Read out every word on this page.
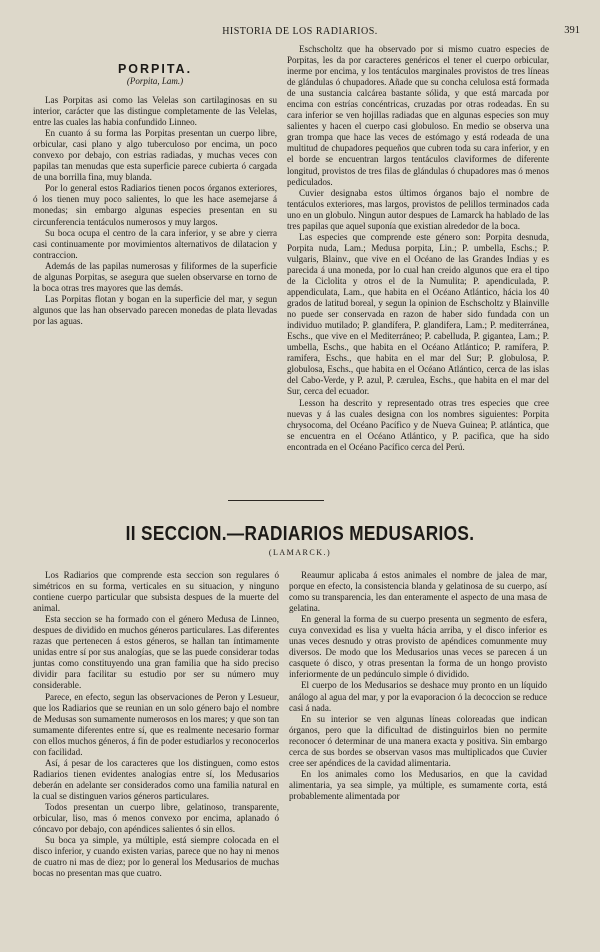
HISTORIA DE LOS RADIARIOS.	391
PORPITA.
(Porpita, Lam.)

Las Porpitas asi como las Velelas son cartilaginosas en su interior, carácter que las distingue completamente de las Velelas, entre las cuales las habia confundido Linneo.

En cuanto á su forma las Porpitas presentan un cuerpo libre, orbicular, casi plano y algo tuberculoso por encima, un poco convexo por debajo, con estrias radiadas, y muchas veces con papilas tan menudas que esta superficie parece cubierta ó cargada de una borrilla fina, muy blanda.

Por lo general estos Radiarios tienen pocos órganos exteriores, ó los tienen muy poco salientes, lo que les hace asemejarse á monedas; sin embargo algunas especies presentan en su circunferencia tentáculos numerosos y muy largos.

Su boca ocupa el centro de la cara inferior, y se abre y cierra casi continuamente por movimientos alternativos de dilatacion y contraccion.

Además de las papilas numerosas y filiformes de la superficie de algunas Porpitas, se asegura que suelen observarse en torno de la boca otras tres mayores que las demás.

Las Porpitas flotan y bogan en la superficie del mar, y segun algunos que las han observado parecen monedas de plata llevadas por las aguas.

Eschscholtz que ha observado por si mismo cuatro especies de Porpitas, les da por caracteres genéricos el tener el cuerpo orbicular, inerme por encima, y los tentáculos marginales provistos de tres líneas de glándulas ó chupadores. Añade que su concha celulosa está formada de una sustancia calcárea bastante sólida, y que está marcada por encima con estrías concéntricas, cruzadas por otras rodeadas. En su cara inferior se ven hojillas radiadas que en algunas especies son muy salientes y hacen el cuerpo casi globuloso. En medio se observa una gran trompa que hace las veces de estómago y está rodeada de una multitud de chupadores pequeños que cubren toda su cara inferior, y en el borde se encuentran largos tentáculos claviformes de diferente longitud, provistos de tres filas de glándulas ó chupadores mas ó menos pediculados.

Cuvier designaba estos últimos órganos bajo el nombre de tentáculos exteriores, mas largos, provistos de pelillos terminados cada uno en un globulo. Ningun autor despues de Lamarck ha hablado de las tres papilas que aquel suponía que existian alrededor de la boca.

Las especies que comprende este género son: Porpita desnuda, Porpita nuda, Lam.; Medusa porpita, Lin.; P. umbella, Eschs.; P. vulgaris, Blainv., que vive en el Océano de las Grandes Indias y es parecida á una moneda, por lo cual han creido algunos que era el tipo de la Ciclolita y otros el de la Numulita; P. apendiculada, P. appendiculata, Lam., que habita en el Océano Atlántico, hácia los 40 grados de latitud boreal, y segun la opinion de Eschscholtz y Blainville no puede ser conservada en razon de haber sido fundada con un individuo mutilado; P. glandífera, P. glandifera, Lam.; P. mediterránea, Eschs., que vive en el Mediterráneo; P. cabelluda, P. gigantea, Lam.; P. umbella, Eschs., que habita en el Océano Atlántico; P. ramífera, P. ramifera, Eschs., que habita en el mar del Sur; P. globulosa, P. globulosa, Eschs., que habita en el Océano Atlántico, cerca de las islas del Cabo-Verde, y P. azul, P. cærulea, Eschs., que habita en el mar del Sur, cerca del ecuador.

Lesson ha descrito y representado otras tres especies que cree nuevas y á las cuales designa con los nombres siguientes: Porpita chrysocoma, del Océano Pacífico y de Nueva Guinea; P. atlántica, que se encuentra en el Océano Atlántico, y P. pacifica, que ha sido encontrada en el Océano Pacífico cerca del Perú.

II SECCION.—RADIARIOS MEDUSARIOS.
(LAMARCK.)

Los Radiarios que comprende esta seccion son regulares ó simétricos en su forma, verticales en su situacion, y ninguno contiene cuerpo particular que subsista despues de la muerte del animal.

Esta seccion se ha formado con el género Medusa de Linneo, despues de dividido en muchos géneros particulares. Las diferentes razas que pertenecen á estos géneros, se hallan tan íntimamente unidas entre sí por sus analogías, que se las puede considerar todas juntas como constituyendo una gran familia que ha sido preciso dividir para facilitar su estudio por ser su número muy considerable.

Parece, en efecto, segun las observaciones de Peron y Lesueur, que los Radiarios que se reunian en un solo género bajo el nombre de Medusas son sumamente numerosos en los mares; y que son tan sumamente diferentes entre sí, que es realmente necesario formar con ellos muchos géneros, á fin de poder estudiarlos y reconocerlos con facilidad.

Así, á pesar de los caracteres que los distinguen, como estos Radiarios tienen evidentes analogías entre sí, los Medusarios deberán en adelante ser considerados como una familia natural en la cual se distinguen varios géneros particulares.

Todos presentan un cuerpo libre, gelatinoso, transparente, orbicular, liso, mas ó menos convexo por encima, aplanado ó cóncavo por debajo, con apéndices salientes ó sin ellos.

Su boca ya simple, ya múltiple, está siempre colocada en el disco inferior, y cuando existen varias, parece que no hay ni menos de cuatro ni mas de diez; por lo general los Medusarios de muchas bocas no presentan mas que cuatro.

Reaumur aplicaba á estos animales el nombre de jalea de mar, porque en efecto, la consistencia blanda y gelatinosa de su cuerpo, así como su transparencia, les dan enteramente el aspecto de una masa de gelatina.

En general la forma de su cuerpo presenta un segmento de esfera, cuya convexidad es lisa y vuelta hácia arriba, y el disco inferior es unas veces desnudo y otras provisto de apéndices comunmente muy diversos. De modo que los Medusarios unas veces se parecen á un casquete ó disco, y otras presentan la forma de un hongo provisto inferiormente de un pedúnculo simple ó dividido.

El cuerpo de los Medusarios se deshace muy pronto en un líquido análogo al agua del mar, y por la evaporacion ó la decoccion se reduce casi á nada.

En su interior se ven algunas líneas coloreadas que indican órganos, pero que la dificultad de distinguirlos bien no permite reconocer ó determinar de una manera exacta y positiva. Sin embargo cerca de sus bordes se observan vasos mas multiplicados que Cuvier cree ser apéndices de la cavidad alimentaria.

En los animales como los Medusarios, en que la cavidad alimentaria, ya sea simple, ya múltiple, es sumamente corta, está probablemente alimentada por
